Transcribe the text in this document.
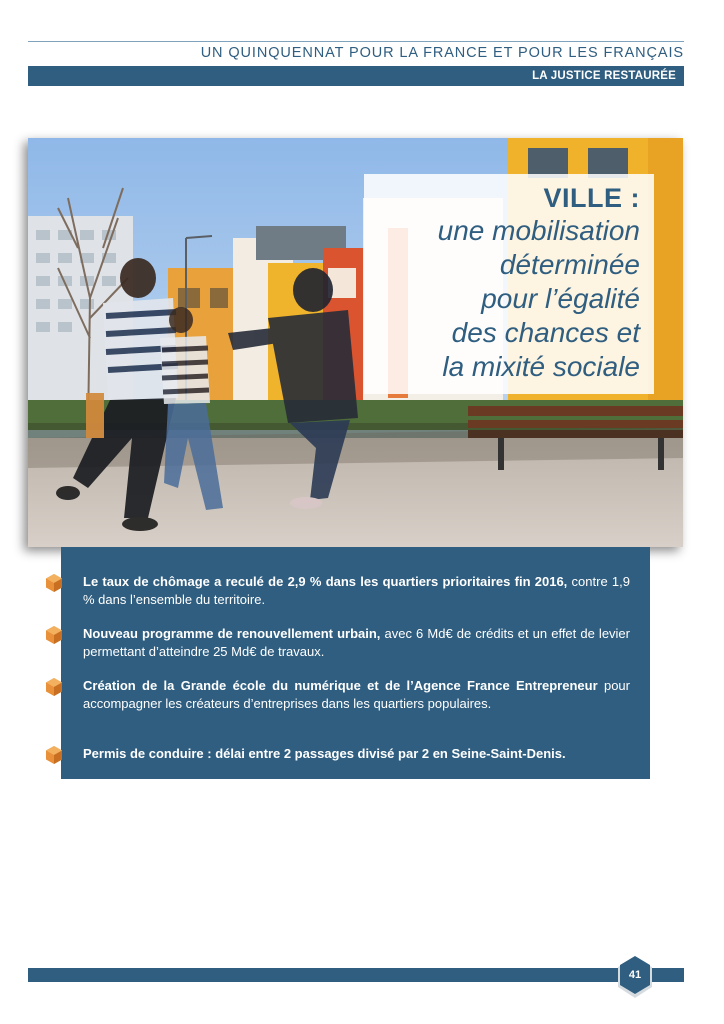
UN QUINQUENNAT POUR LA FRANCE ET POUR LES FRANÇAIS
LA JUSTICE RESTAURÉE
VILLE :
une mobilisation
déterminée
pour l’égalité
des chances et
la mixité sociale
Le taux de chômage a reculé de 2,9 % dans les quartiers prioritaires fin 2016, contre 1,9 % dans l’ensemble du territoire.
Nouveau programme de renouvellement urbain, avec 6 Md€ de crédits et un effet de levier permettant d’atteindre 25 Md€ de travaux.
Création de la Grande école du numérique et de l’Agence France Entrepreneur pour accompagner les créateurs d’entreprises dans les quartiers populaires.
Permis de conduire : délai entre 2 passages divisé par 2 en Seine-Saint-Denis.
41
